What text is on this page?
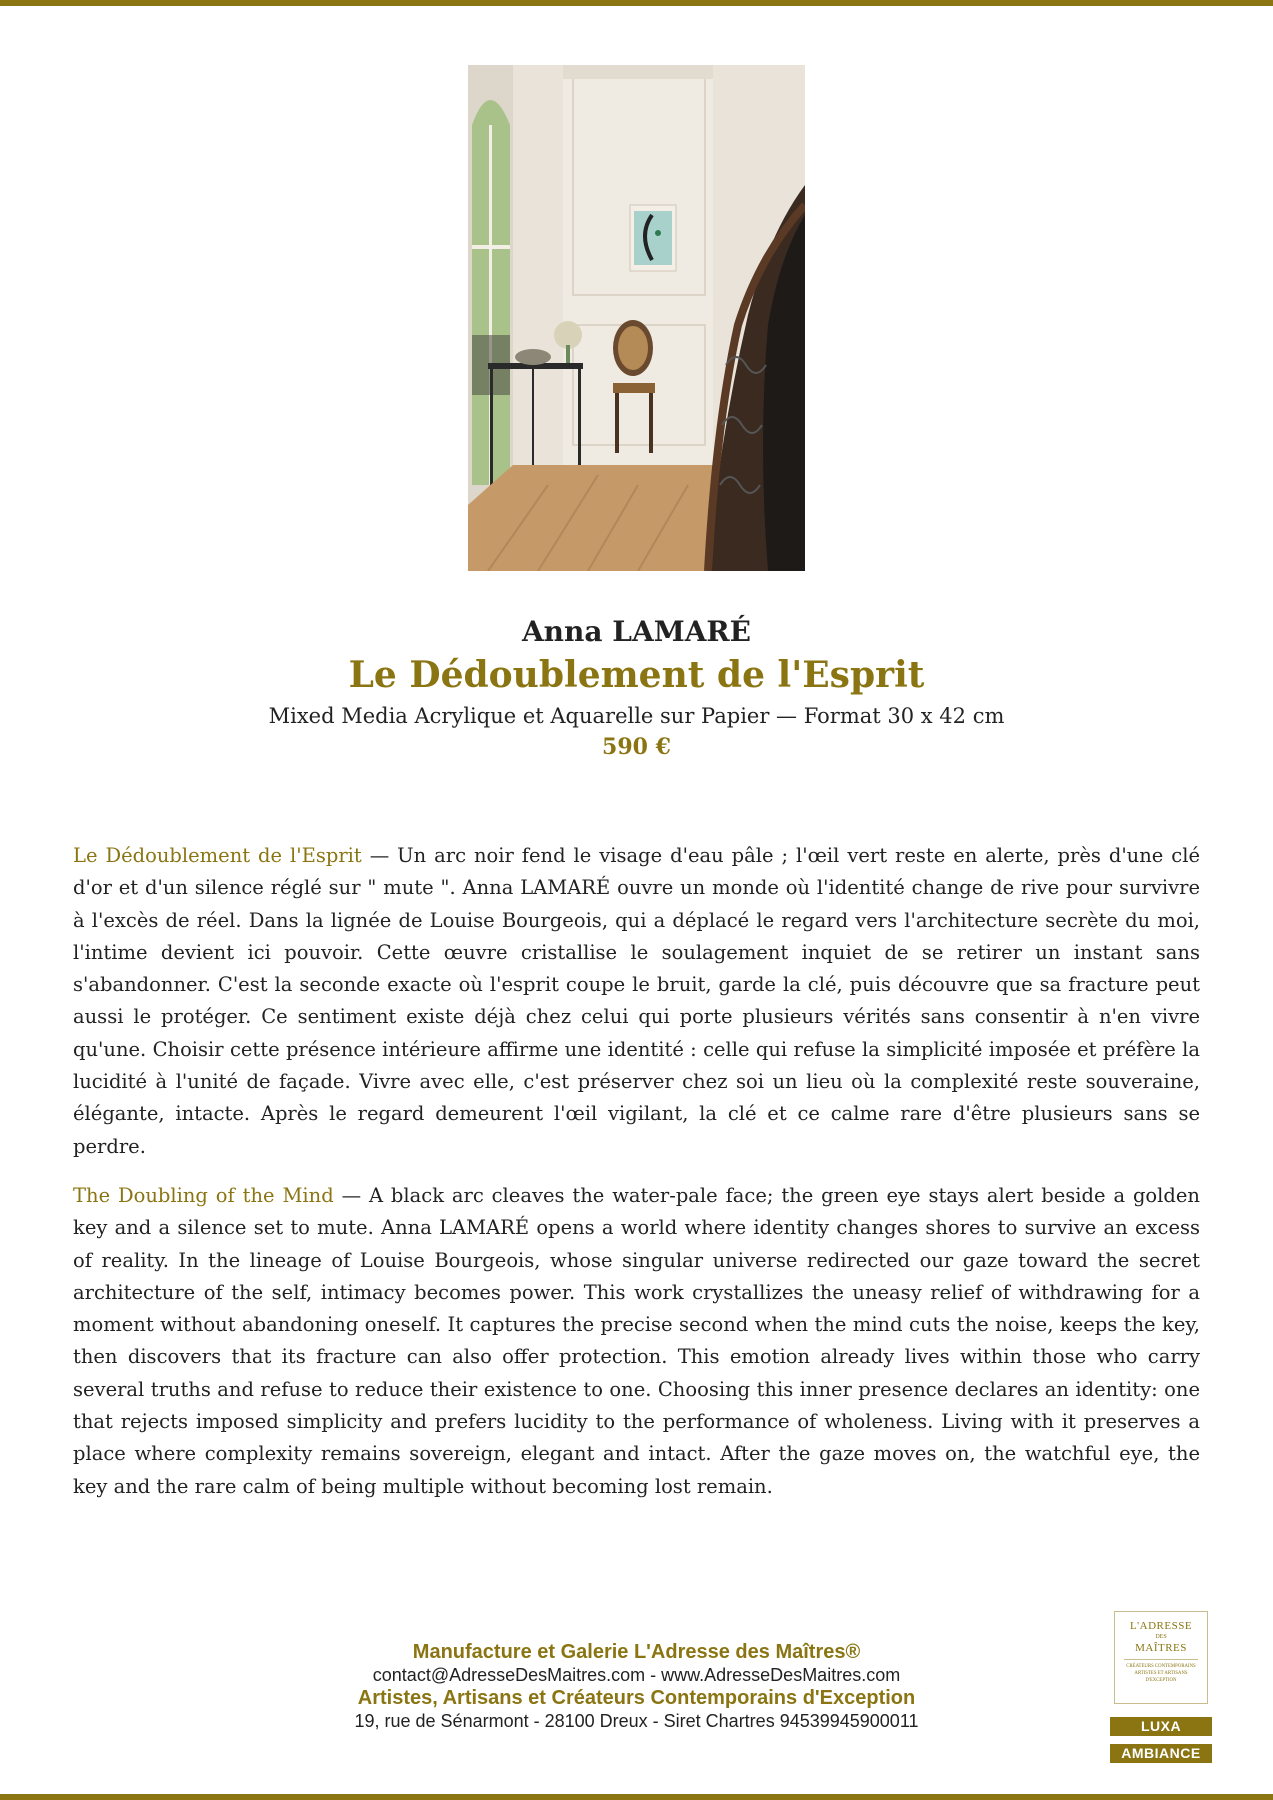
Anna LAMARÉ
Le Dédoublement de l'Esprit
Mixed Media Acrylique et Aquarelle sur Papier — Format 30 x 42 cm
590 €

Le Dédoublement de l'Esprit — Un arc noir fend le visage d'eau pâle ; l'œil vert reste en alerte, près d'une clé d'or et d'un silence réglé sur " mute ". Anna LAMARÉ ouvre un monde où l'identité change de rive pour survivre à l'excès de réel. Dans la lignée de Louise Bourgeois, qui a déplacé le regard vers l'architecture secrète du moi, l'intime devient ici pouvoir. Cette œuvre cristallise le soulagement inquiet de se retirer un instant sans s'abandonner. C'est la seconde exacte où l'esprit coupe le bruit, garde la clé, puis découvre que sa fracture peut aussi le protéger. Ce sentiment existe déjà chez celui qui porte plusieurs vérités sans consentir à n'en vivre qu'une. Choisir cette présence intérieure affirme une identité : celle qui refuse la simplicité imposée et préfère la lucidité à l'unité de façade. Vivre avec elle, c'est préserver chez soi un lieu où la complexité reste souveraine, élégante, intacte. Après le regard demeurent l'œil vigilant, la clé et ce calme rare d'être plusieurs sans se perdre.

The Doubling of the Mind — A black arc cleaves the water-pale face; the green eye stays alert beside a golden key and a silence set to mute. Anna LAMARÉ opens a world where identity changes shores to survive an excess of reality. In the lineage of Louise Bourgeois, whose singular universe redirected our gaze toward the secret architecture of the self, intimacy becomes power. This work crystallizes the uneasy relief of withdrawing for a moment without abandoning oneself. It captures the precise second when the mind cuts the noise, keeps the key, then discovers that its fracture can also offer protection. This emotion already lives within those who carry several truths and refuse to reduce their existence to one. Choosing this inner presence declares an identity: one that rejects imposed simplicity and prefers lucidity to the performance of wholeness. Living with it preserves a place where complexity remains sovereign, elegant and intact. After the gaze moves on, the watchful eye, the key and the rare calm of being multiple without becoming lost remain.

Manufacture et Galerie L'Adresse des Maîtres®
contact@AdresseDesMaitres.com - www.AdresseDesMaitres.com
Artistes, Artisans et Créateurs Contemporains d'Exception
19, rue de Sénarmont - 28100 Dreux - Siret Chartres 94539945900011
L'ADRESSE
DES
MAÎTRES
CRÉATEURS CONTEMPORAINS ARTISTES ET ARTISANS D'EXCEPTION
LUXA
AMBIANCE
